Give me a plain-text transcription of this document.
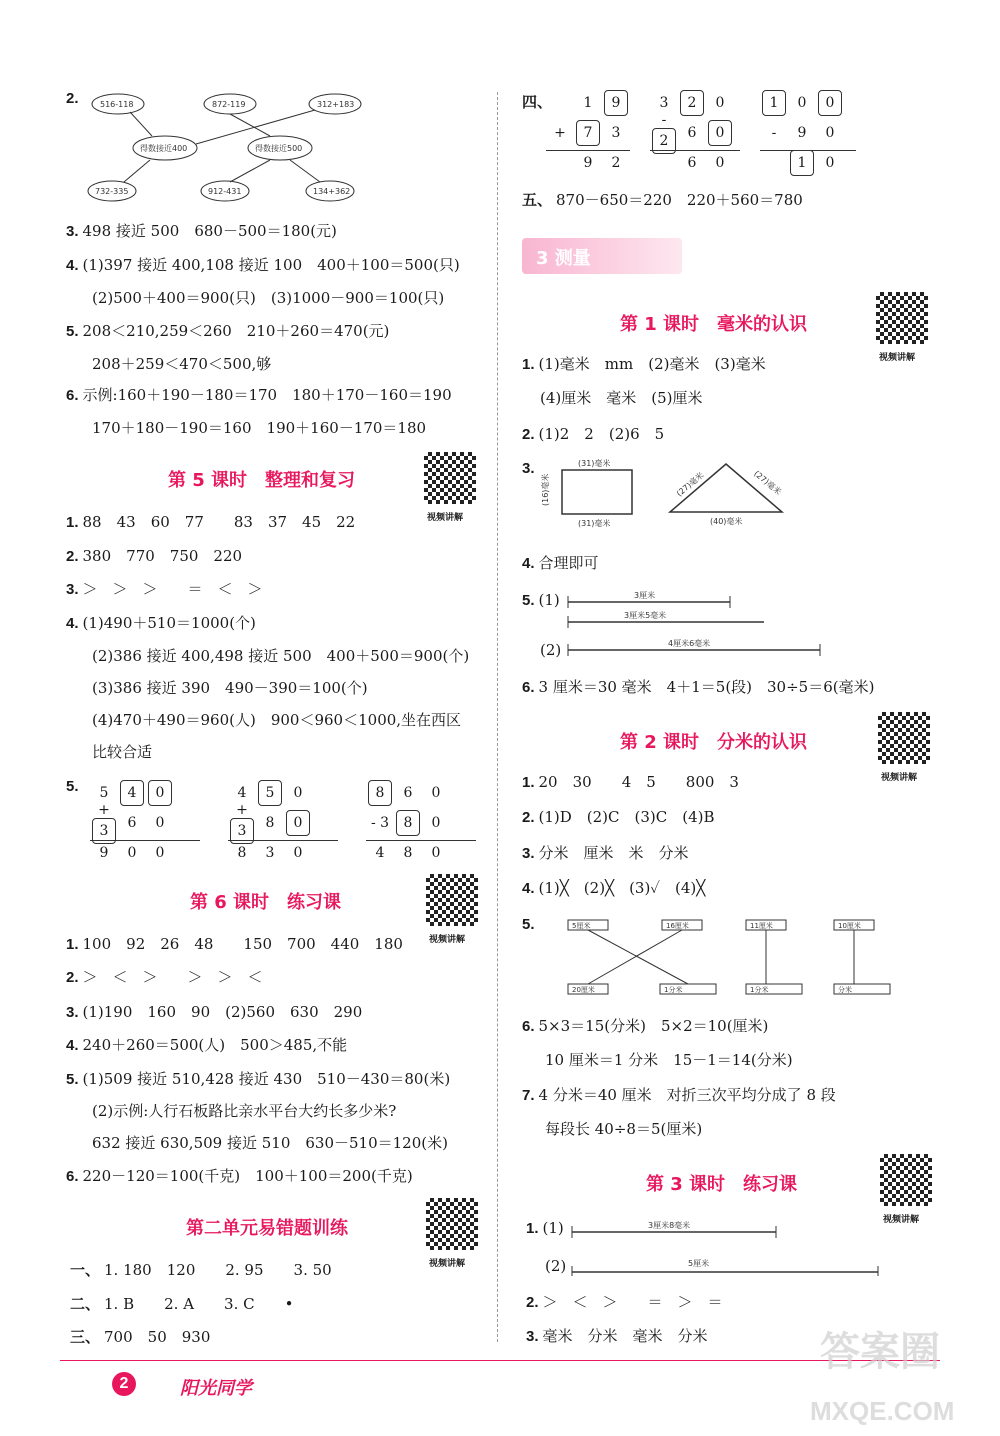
2.	516-118	872-119	312+183
732-335	912-431	134+362
得数接近400	得数接近500
3. 498 接近 500　680－500＝180(元)
4. (1)397 接近 400,108 接近 100　400＋100＝500(只)
(2)500＋400＝900(只)　(3)1000－900＝100(只)
5. 208＜210,259＜260　210＋260＝470(元)
208＋259＜470＜500,够
6. 示例:160＋190－180＝170　180＋170－160＝190
170＋180－190＝160　190＋160－170＝180
第 5 课时　整理和复习
视频讲解
1. 88　43　60　77　　83　37　45　22
2. 380　770　750　220
3. ＞　＞　＞　　＝　＜　＞
4. (1)490＋510＝1000(个)
(2)386 接近 400,498 接近 500　400＋500＝900(个)
(3)386 接近 390　490－390＝100(个)
(4)470＋490＝960(人)　900＜960＜1000,坐在西区
比较合适
5.	5	4	0
+3	6	0
9	0	0
4	5	0
+3	8	0
8	3	0
8	6	0
- 3	8	0
4	8	0
第 6 课时　练习课
视频讲解
1. 100　92　26　48　　150　700　440　180
2. ＞　＜　＞　　＞　＞　＜
3. (1)190　160　90　(2)560　630　290
4. 240＋260＝500(人)　500＞485,不能
5. (1)509 接近 510,428 接近 430　510－430＝80(米)
(2)示例:人行石板路比亲水平台大约长多少米?
632 接近 630,509 接近 510　630－510＝120(米)
6. 220－120＝100(千克)　100＋100＝200(千克)
第二单元易错题训练
视频讲解
一、 1. 180　120　　2. 95　　3. 50
二、 1. B　　2. A　　3. C　　•
三、 700　50　930
四、	1	9
+	7	3
9	2
3	2	0
-2	6	0
6	0
1	0	0
-	9	0
1	0
五、 870－650＝220　220＋560＝780
3 测量
第 1 课时　毫米的认识
视频讲解
1. (1)毫米　mm　(2)毫米　(3)毫米
(4)厘米　毫米　(5)厘米
2. (1)2　2　(2)6　5
3.	(31)毫米
(16)毫米
(31)毫米
(27)毫米	(27)毫米
(40)毫米
4. 合理即可
5. (1)	3厘米
3厘米5毫米
4厘米6毫米
(2)
6. 3 厘米＝30 毫米　4＋1＝5(段)　30÷5＝6(毫米)
第 2 课时　分米的认识
视频讲解
1. 20　30　　4　5　　800　3
2. (1)D　(2)C　(3)C　(4)B
3. 分米　厘米　米　分米
4. (1)╳　(2)╳　(3)✓　(4)╳
5.	5厘米	16厘米	11厘米	10厘米
20厘米	1分米	1分米	分米
6. 5×3＝15(分米)　5×2＝10(厘米)
10 厘米＝1 分米　15－1＝14(分米)
7. 4 分米＝40 厘米　对折三次平均分成了 8 段
每段长 40÷8＝5(厘米)
第 3 课时　练习课
视频讲解
1. (1)	3厘米8毫米
5厘米
(2)
2. ＞　＜　＞　　＝　＞　＝
3. 毫米　分米　毫米　分米
2	阳光同学
答案圈
MXQE.COM
